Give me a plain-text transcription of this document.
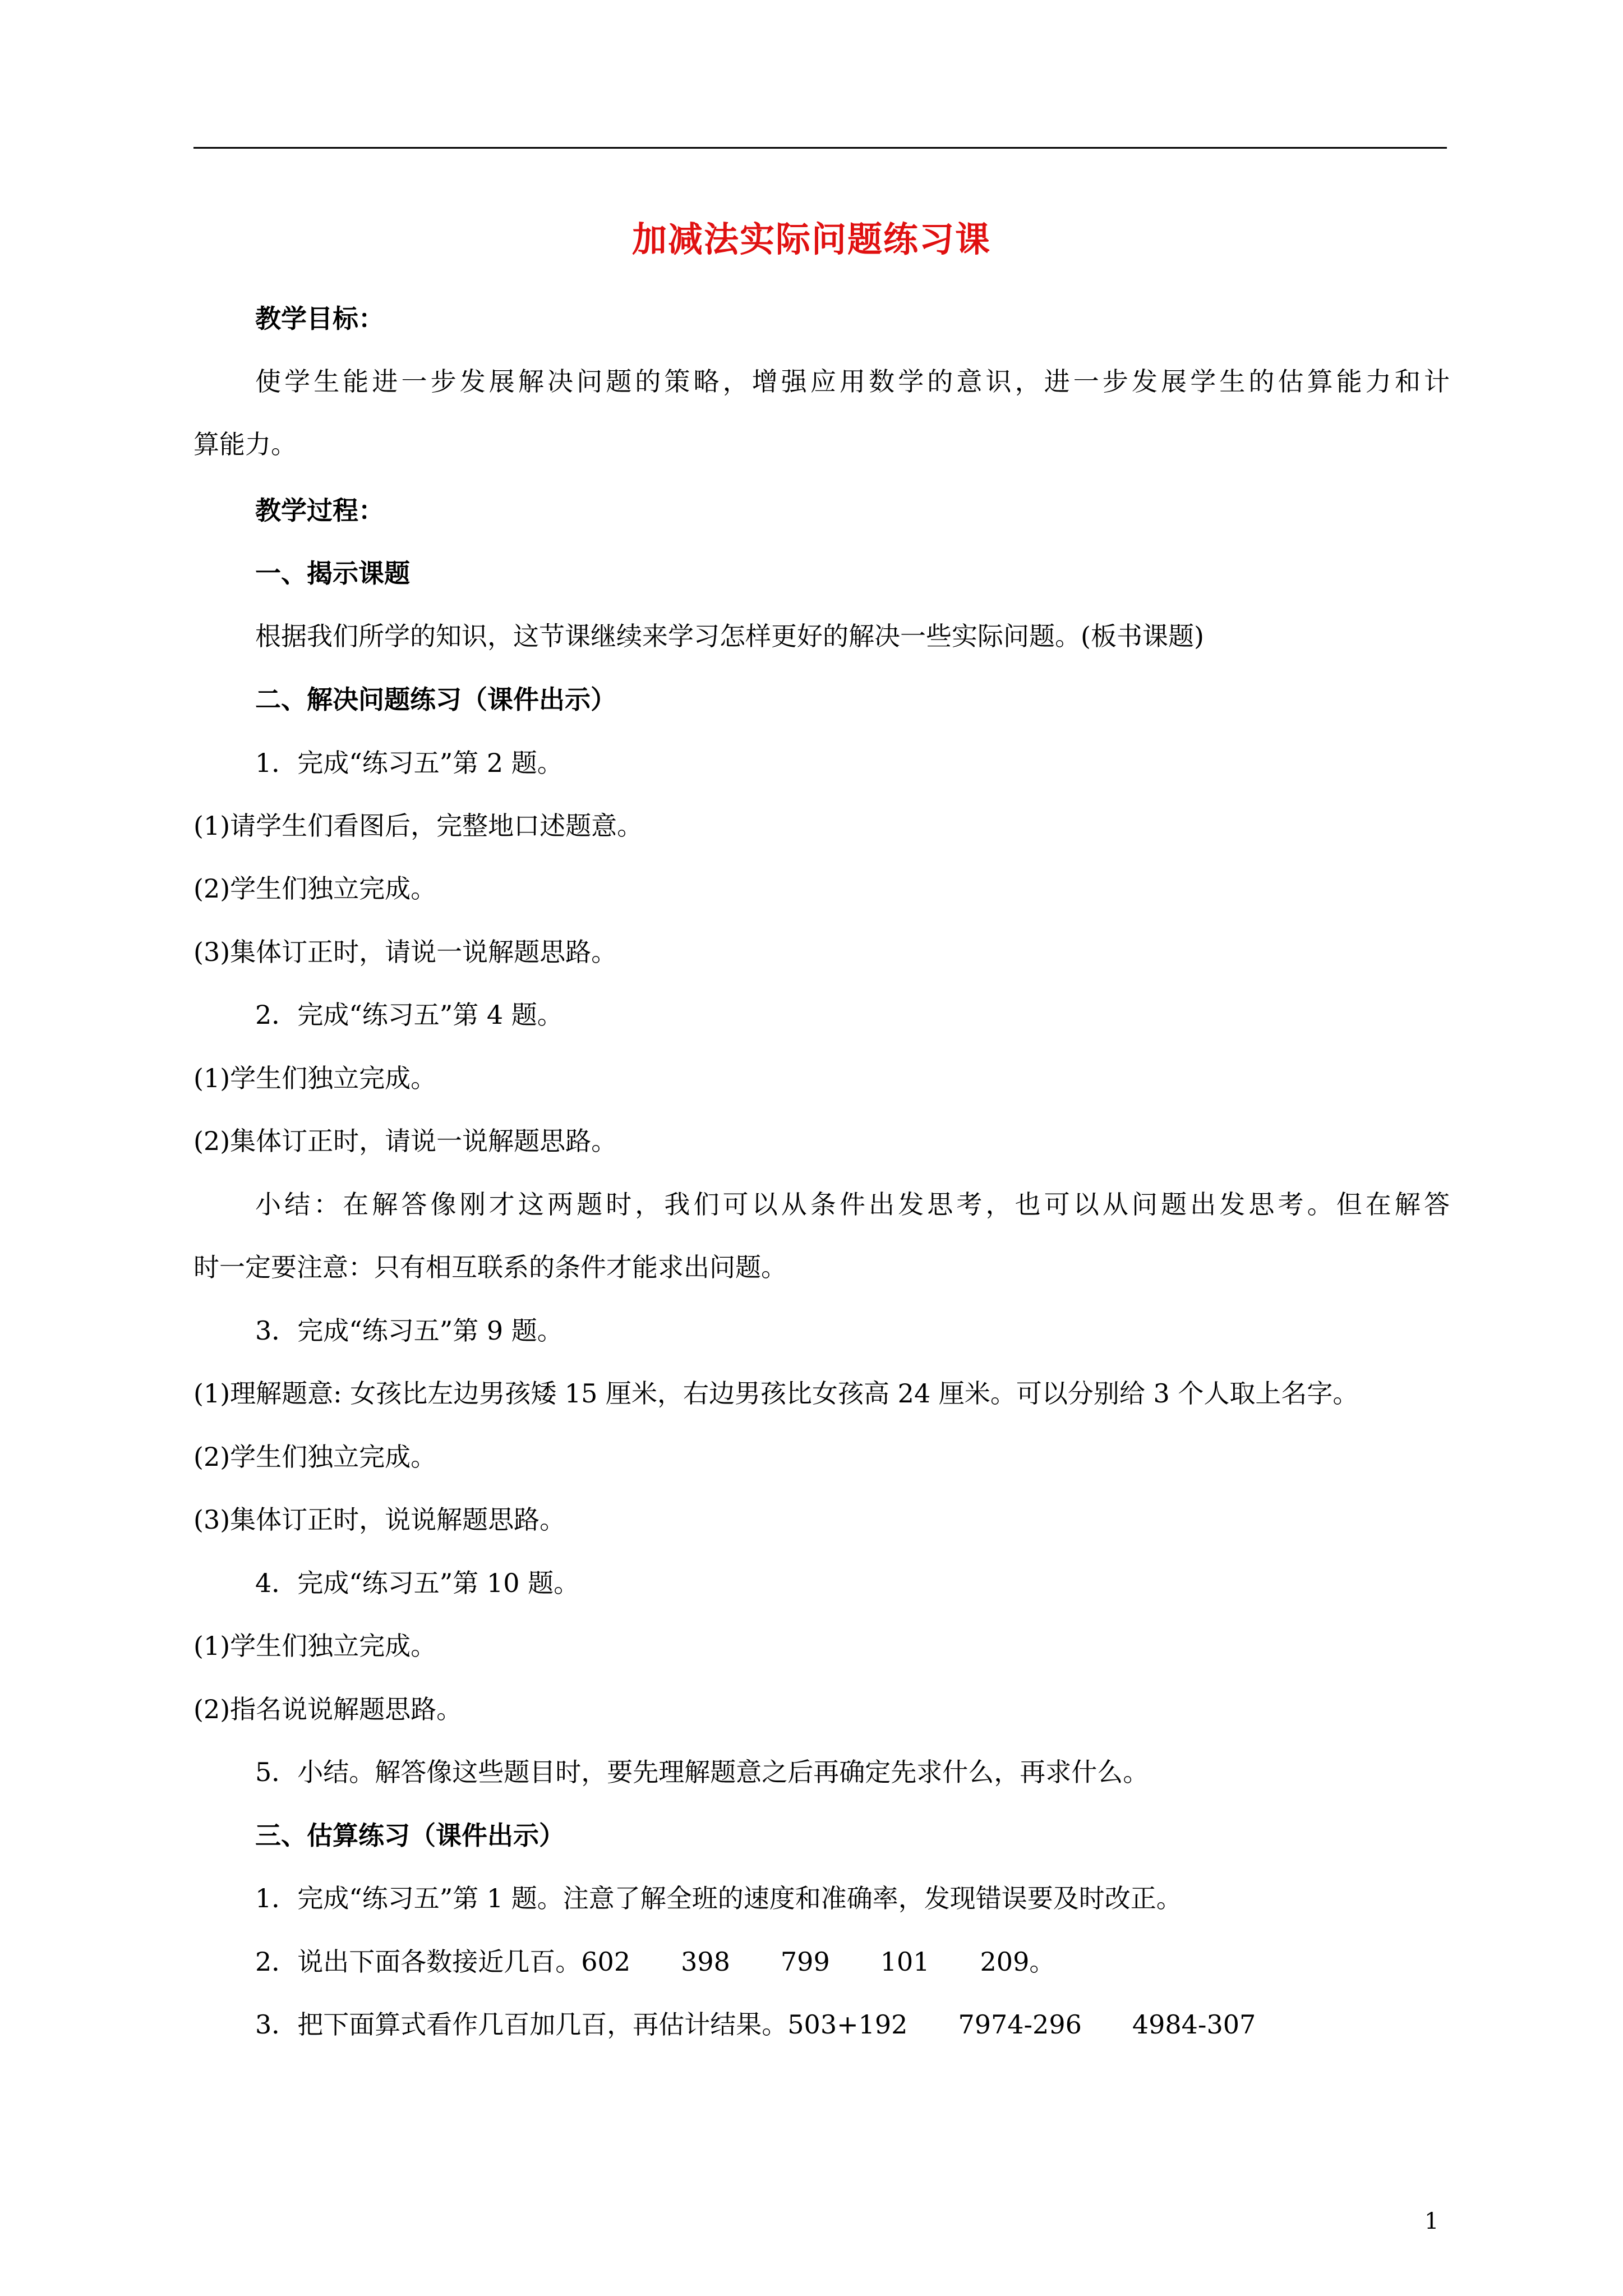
加减法实际问题练习课
教学目标：
使学生能进一步发展解决问题的策略，增强应用数学的意识，进一步发展学生的估算能力和计
算能力。
教学过程：
一、揭示课题
根据我们所学的知识，这节课继续来学习怎样更好的解决一些实际问题。(板书课题)
二、解决问题练习（课件出示）
1．完成“练习五”第 2 题。
(1)请学生们看图后，完整地口述题意。
(2)学生们独立完成。
(3)集体订正时，请说一说解题思路。
2．完成“练习五”第 4 题。
(1)学生们独立完成。
(2)集体订正时，请说一说解题思路。
小结：在解答像刚才这两题时，我们可以从条件出发思考，也可以从问题出发思考。但在解答
时一定要注意：只有相互联系的条件才能求出问题。
3．完成“练习五”第 9 题。
(1)理解题意: 女孩比左边男孩矮 15 厘米，右边男孩比女孩高 24 厘米。可以分别给 3 个人取上名字。
(2)学生们独立完成。
(3)集体订正时，说说解题思路。
4．完成“练习五”第 10 题。
(1)学生们独立完成。
(2)指名说说解题思路。
5．小结。解答像这些题目时，要先理解题意之后再确定先求什么，再求什么。
三、估算练习（课件出示）
1．完成“练习五”第 1 题。注意了解全班的速度和准确率，发现错误要及时改正。
2．说出下面各数接近几百。602 398 799 101 209。
3．把下面算式看作几百加几百，再估计结果。503+192 7974-296 4984-307
1
